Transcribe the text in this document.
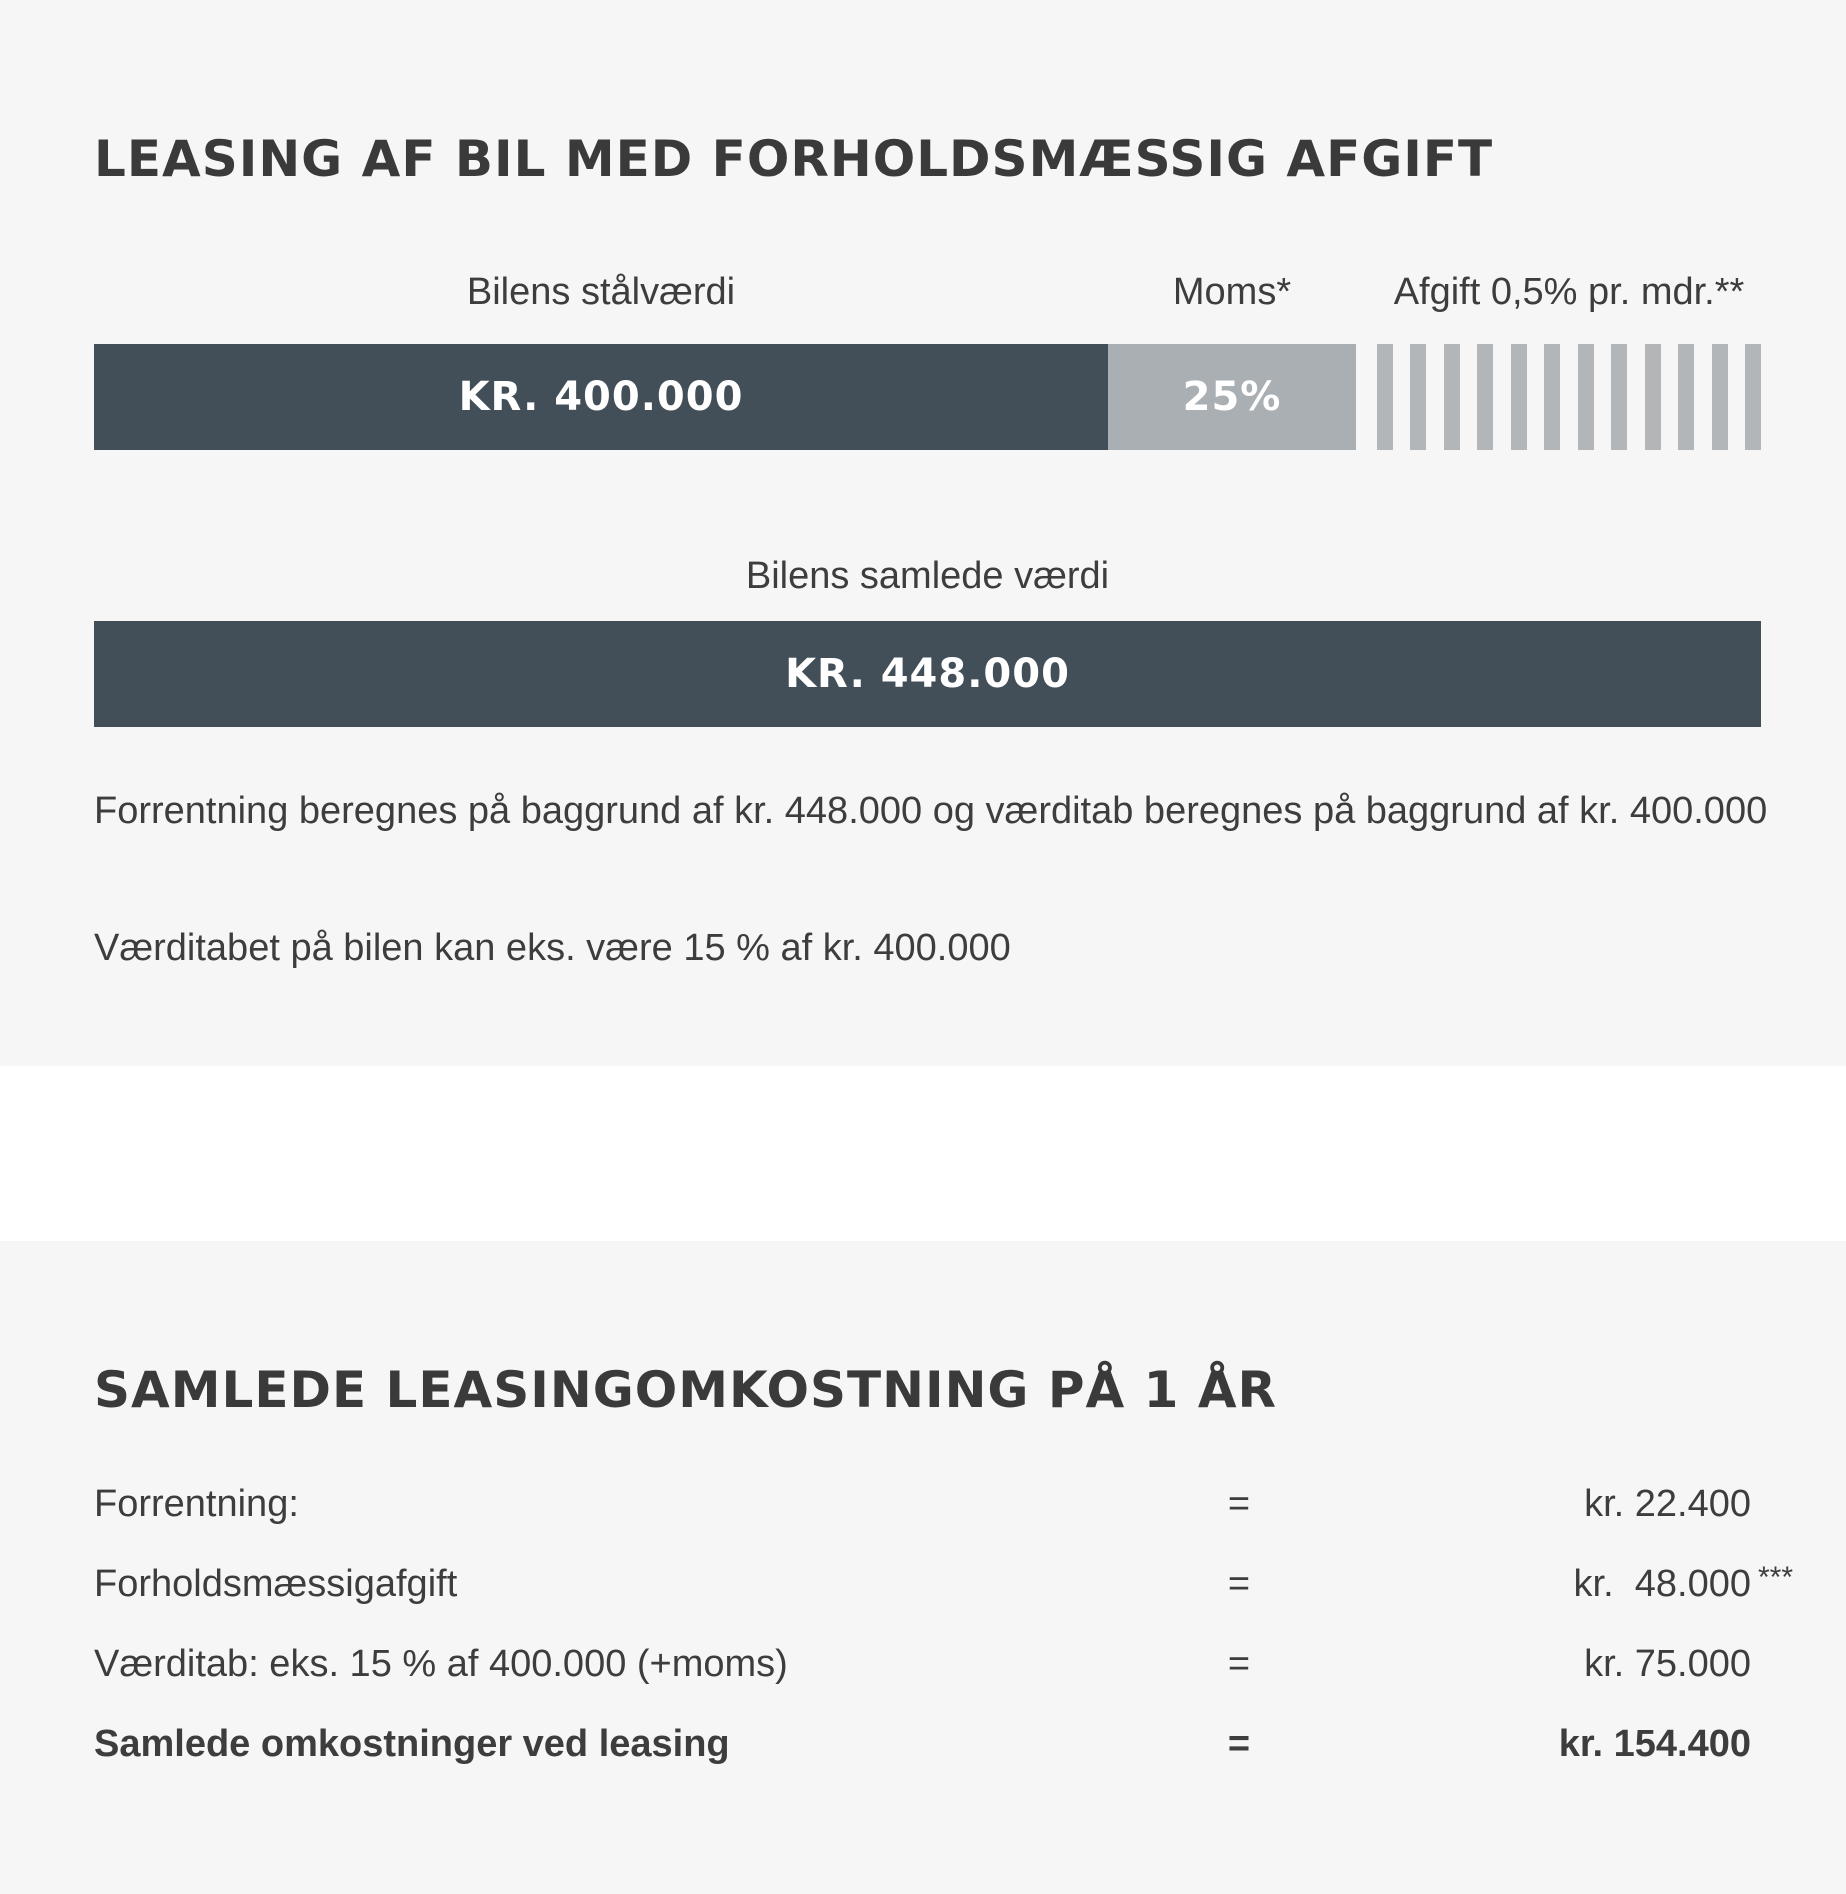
LEASING AF BIL MED FORHOLDSMÆSSIG AFGIFT
Bilens stålværdi	Moms*	Afgift 0,5% pr. mdr.**
KR. 400.000	25%
Bilens samlede værdi
KR. 448.000
Forrentning beregnes på baggrund af kr. 448.000 og værditab beregnes på baggrund af kr. 400.000
Værditabet på bilen kan eks. være 15 % af kr. 400.000
SAMLEDE LEASINGOMKOSTNING PÅ 1 ÅR
Forrentning:	=	kr. 22.400
Forholdsmæssigafgift	=	kr.  48.000 ***
Værditab: eks. 15 % af 400.000 (+moms)	=	kr. 75.000
Samlede omkostninger ved leasing	=	kr. 154.400
